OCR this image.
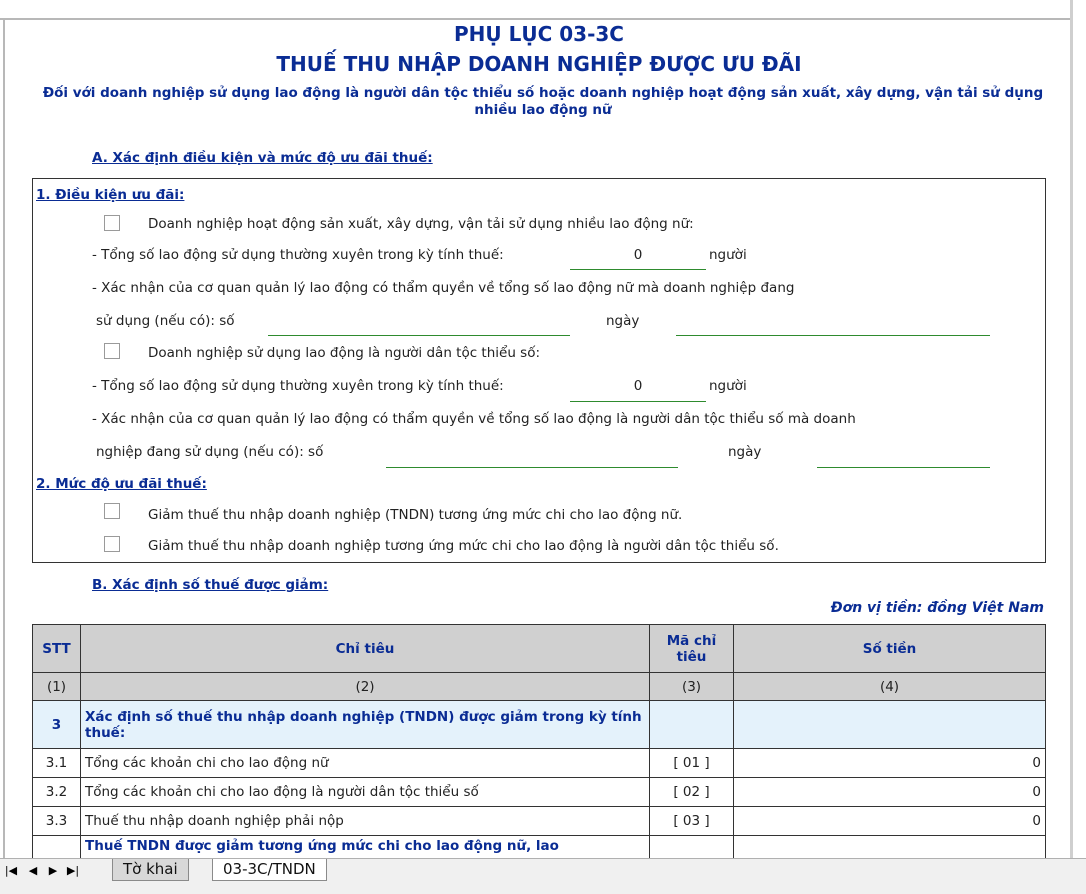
PHỤ LỤC 03-3C
THUẾ THU NHẬP DOANH NGHIỆP ĐƯỢC ƯU ĐÃI
Đối với doanh nghiệp sử dụng lao động là người dân tộc thiểu số hoặc doanh nghiệp hoạt động sản xuất, xây dựng, vận tải sử dụng nhiều lao động nữ
A. Xác định điều kiện và mức độ ưu đãi thuế:
1. Điều kiện ưu đãi:
Doanh nghiệp hoạt động sản xuất, xây dựng, vận tải sử dụng nhiều lao động nữ:
- Tổng số lao động sử dụng thường xuyên trong kỳ tính thuế:	0	người
- Xác nhận của cơ quan quản lý lao động có thẩm quyền về tổng số lao động nữ mà doanh nghiệp đang
sử dụng (nếu có): số	ngày
Doanh nghiệp sử dụng lao động là người dân tộc thiểu số:
- Tổng số lao động sử dụng thường xuyên trong kỳ tính thuế:	0	người
- Xác nhận của cơ quan quản lý lao động có thẩm quyền về tổng số lao động là người dân tộc thiểu số mà doanh
nghiệp đang sử dụng (nếu có): số	ngày
2. Mức độ ưu đãi thuế:
Giảm thuế thu nhập doanh nghiệp (TNDN) tương ứng mức chi cho lao động nữ.
Giảm thuế thu nhập doanh nghiệp tương ứng mức chi cho lao động là người dân tộc thiểu số.
B. Xác định số thuế được giảm:
Đơn vị tiền: đồng Việt Nam
STT	Chỉ tiêu	Mã chỉ tiêu	Số tiền
(1)	(2)	(3)	(4)
3	Xác định số thuế thu nhập doanh nghiệp (TNDN) được giảm trong kỳ tính thuế:		
3.1	Tổng các khoản chi cho lao động nữ	[ 01 ]	0
3.2	Tổng các khoản chi cho lao động là người dân tộc thiểu số	[ 02 ]	0
3.3	Thuế thu nhập doanh nghiệp phải nộp	[ 03 ]	0
	Thuế TNDN được giảm tương ứng mức chi cho lao động nữ, lao		
|◀ ◀ ▶ ▶|	Tờ khai	03-3C/TNDN
